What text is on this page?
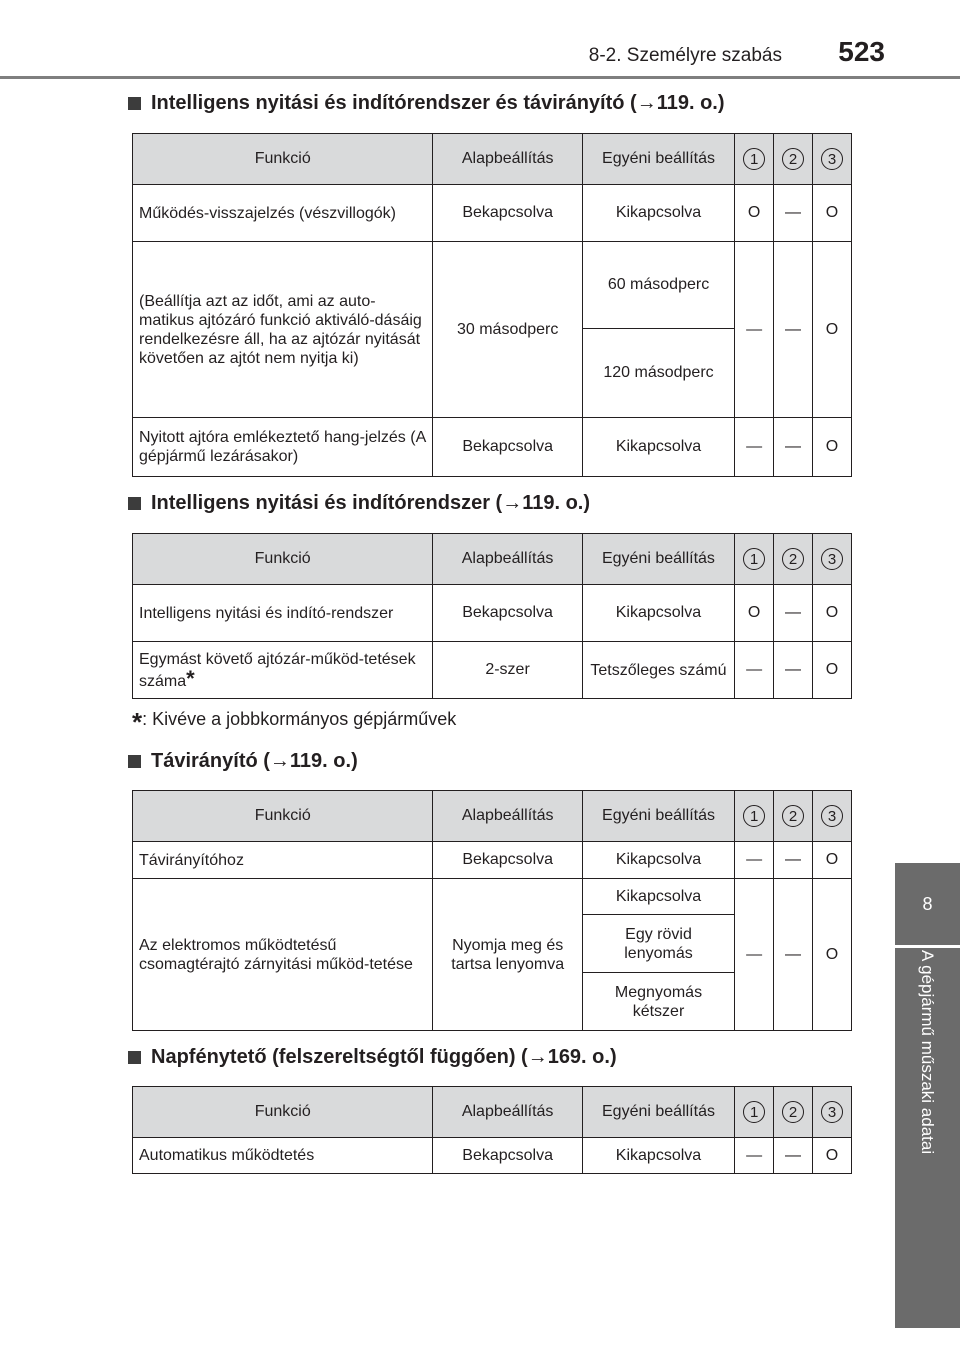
8-2. Személyre szabás 523
8
A gépjármű műszaki adatai
Intelligens nyitási és indítórendszer és távirányító (→119. o.)
Funkció	Alapbeállítás	Egyéni beállítás	1	2	3
Működés-visszajelzés (vészvillogók)	Bekapcsolva	Kikapcsolva	O	—	O
(Beállítja azt az időt, ami az auto-matikus ajtózáró funkció aktiváló-dásáig rendelkezésre áll, ha az ajtózár nyitását követően az ajtót nem nyitja ki)	30 másodperc	60 másodperc	—	—	O
		120 másodperc			
Nyitott ajtóra emlékeztető hang-jelzés (A gépjármű lezárásakor)	Bekapcsolva	Kikapcsolva	—	—	O
Intelligens nyitási és indítórendszer (→119. o.)
Funkció	Alapbeállítás	Egyéni beállítás	1	2	3
Intelligens nyitási és indító-rendszer	Bekapcsolva	Kikapcsolva	O	—	O
Egymást követő ajtózár-működ-tetések száma*	2-szer	Tetszőleges számú	—	—	O
*: Kivéve a jobbkormányos gépjárművek
Távirányító (→119. o.)
Funkció	Alapbeállítás	Egyéni beállítás	1	2	3
Távirányítóhoz	Bekapcsolva	Kikapcsolva	—	—	O
Az elektromos működtetésű csomagtérajtó zárnyitási működ-tetése	Nyomja meg és tartsa lenyomva	Kikapcsolva	—	—	O
		Egy rövid lenyomás			
		Megnyomás kétszer			
Napfénytető (felszereltségtől függően) (→169. o.)
Funkció	Alapbeállítás	Egyéni beállítás	1	2	3
Automatikus működtetés	Bekapcsolva	Kikapcsolva	—	—	O
